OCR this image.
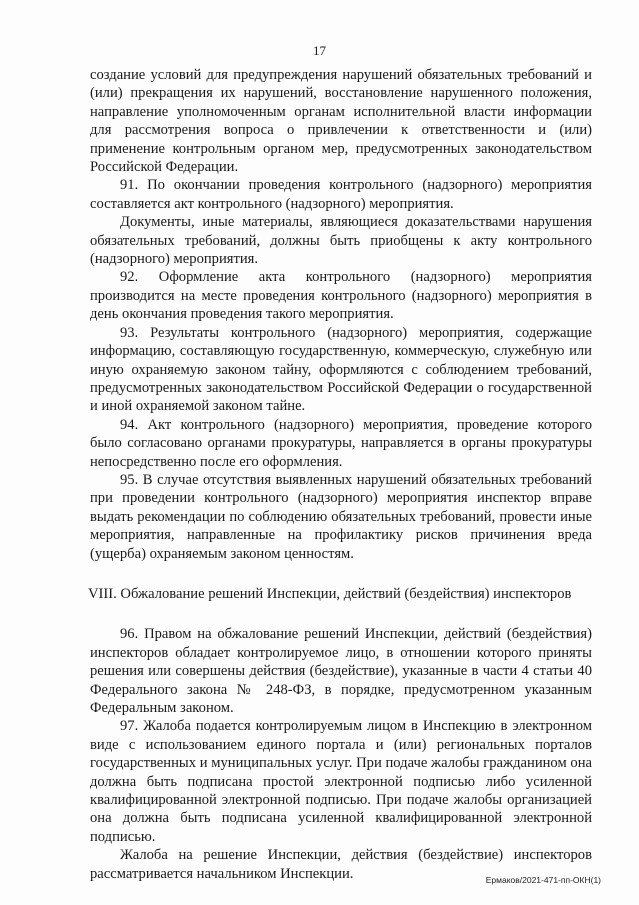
17

создание условий для предупреждения нарушений обязательных требований и (или) прекращения их нарушений, восстановление нарушенного положения, направление уполномоченным органам исполнительной власти информации для рассмотрения вопроса о привлечении к ответственности и (или) применение контрольным органом мер, предусмотренных законодательством Российской Федерации.

91. По окончании проведения контрольного (надзорного) мероприятия составляется акт контрольного (надзорного) мероприятия.

Документы, иные материалы, являющиеся доказательствами нарушения обязательных требований, должны быть приобщены к акту контрольного (надзорного) мероприятия.

92. Оформление акта контрольного (надзорного) мероприятия производится на месте проведения контрольного (надзорного) мероприятия в день окончания проведения такого мероприятия.

93. Результаты контрольного (надзорного) мероприятия, содержащие информацию, составляющую государственную, коммерческую, служебную или иную охраняемую законом тайну, оформляются с соблюдением требований, предусмотренных законодательством Российской Федерации о государственной и иной охраняемой законом тайне.

94. Акт контрольного (надзорного) мероприятия, проведение которого было согласовано органами прокуратуры, направляется в органы прокуратуры непосредственно после его оформления.

95. В случае отсутствия выявленных нарушений обязательных требований при проведении контрольного (надзорного) мероприятия инспектор вправе выдать рекомендации по соблюдению обязательных требований, провести иные мероприятия, направленные на профилактику рисков причинения вреда (ущерба) охраняемым законом ценностям.

VIII. Обжалование решений Инспекции, действий (бездействия) инспекторов

96. Правом на обжалование решений Инспекции, действий (бездействия) инспекторов обладает контролируемое лицо, в отношении которого приняты решения или совершены действия (бездействие), указанные в части 4 статьи 40 Федерального закона № 248-ФЗ, в порядке, предусмотренном указанным Федеральным законом.

97. Жалоба подается контролируемым лицом в Инспекцию в электронном виде с использованием единого портала и (или) региональных порталов государственных и муниципальных услуг. При подаче жалобы гражданином она должна быть подписана простой электронной подписью либо усиленной квалифицированной электронной подписью. При подаче жалобы организацией она должна быть подписана усиленной квалифицированной электронной подписью.

Жалоба на решение Инспекции, действия (бездействие) инспекторов рассматривается начальником Инспекции.	Ермаков/2021-471-пп-ОКН(1)
